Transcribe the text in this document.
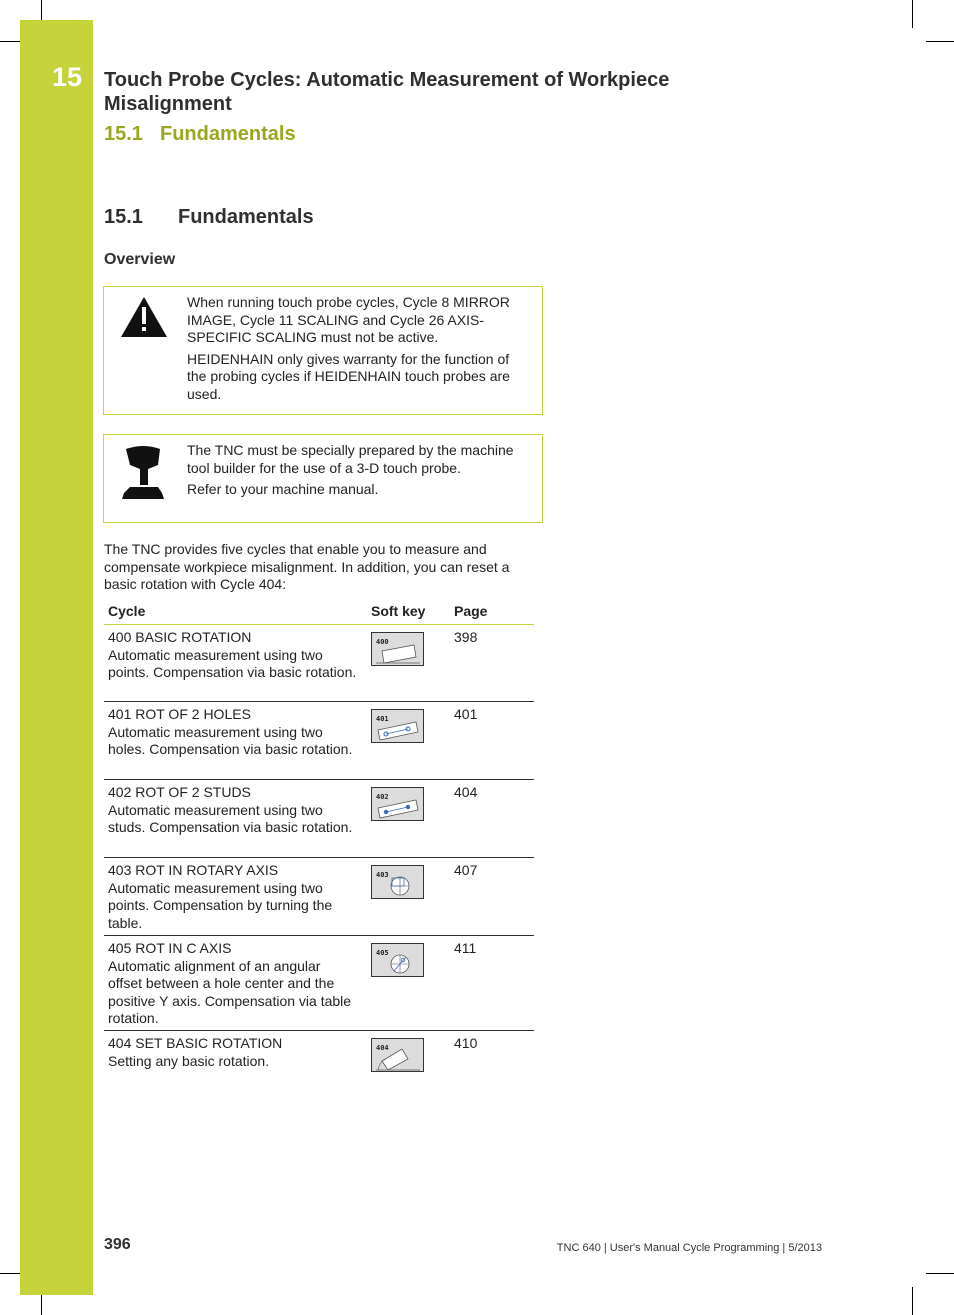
15 Touch Probe Cycles: Automatic Measurement of Workpiece Misalignment
15.1 Fundamentals
15.1 Fundamentals
Overview

When running touch probe cycles, Cycle 8 MIRROR IMAGE, Cycle 11 SCALING and Cycle 26 AXIS-SPECIFIC SCALING must not be active.

HEIDENHAIN only gives warranty for the function of the probing cycles if HEIDENHAIN touch probes are used.

The TNC must be specially prepared by the machine tool builder for the use of a 3-D touch probe.

Refer to your machine manual.

The TNC provides five cycles that enable you to measure and compensate workpiece misalignment. In addition, you can reset a basic rotation with Cycle 404:
Cycle	Soft key Page
400 BASIC ROTATION
Automatic measurement using two points. Compensation via basic rotation.
400	398
401 ROT OF 2 HOLES
Automatic measurement using two holes. Compensation via basic rotation.
401	401
402 ROT OF 2 STUDS
Automatic measurement using two studs. Compensation via basic rotation.
402	404
403 ROT IN ROTARY AXIS
Automatic measurement using two points. Compensation by turning the table.
403	407
405 ROT IN C AXIS
Automatic alignment of an angular offset between a hole center and the positive Y axis. Compensation via table rotation.
405	411
404 SET BASIC ROTATION
Setting any basic rotation.
404	410
396	TNC 640 | User's Manual Cycle Programming | 5/2013
